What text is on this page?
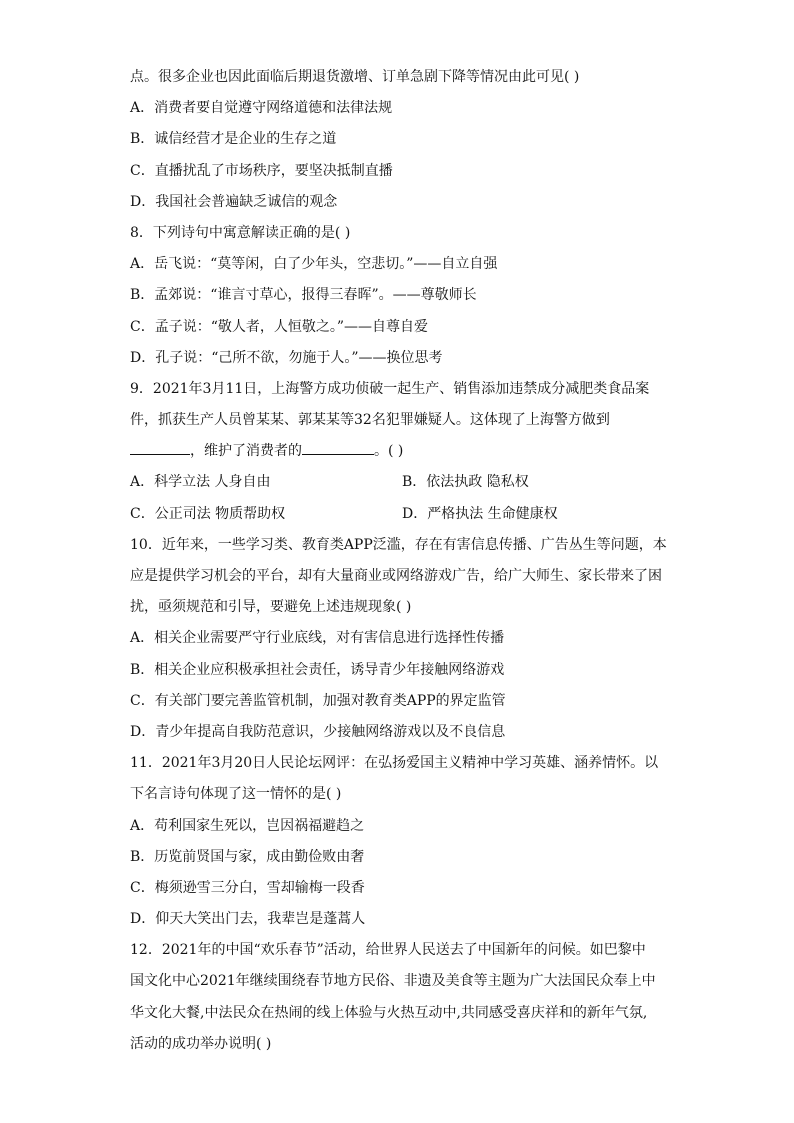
点。很多企业也因此面临后期退货激增、订单急剧下降等情况由此可见( )
A．消费者要自觉遵守网络道德和法律法规
B．诚信经营才是企业的生存之道
C．直播扰乱了市场秩序，要坚决抵制直播
D．我国社会普遍缺乏诚信的观念
8．下列诗句中寓意解读正确的是( )
A．岳飞说：“莫等闲，白了少年头，空悲切。”——自立自强
B．孟郊说：“谁言寸草心，报得三春晖”。——尊敬师长
C．孟子说：“敬人者，人恒敬之。”——自尊自爱
D．孔子说：“己所不欲，勿施于人。”——换位思考
9．2021年3月11日，上海警方成功侦破一起生产、销售添加违禁成分减肥类食品案
件，抓获生产人员曾某某、郭某某等32名犯罪嫌疑人。这体现了上海警方做到
，维护了消费者的	。( )
A．科学立法 人身自由	B．依法执政 隐私权
C．公正司法 物质帮助权	D．严格执法 生命健康权
10．近年来，一些学习类、教育类APP泛滥，存在有害信息传播、广告丛生等问题，本
应是提供学习机会的平台，却有大量商业或网络游戏广告，给广大师生、家长带来了困
扰，亟须规范和引导，要避免上述违规现象( )
A．相关企业需要严守行业底线，对有害信息进行选择性传播
B．相关企业应积极承担社会责任，诱导青少年接触网络游戏
C．有关部门要完善监管机制，加强对教育类APP的界定监管
D．青少年提高自我防范意识，少接触网络游戏以及不良信息
11．2021年3月20日人民论坛网评：在弘扬爱国主义精神中学习英雄、涵养情怀。以
下名言诗句体现了这一情怀的是( )
A．苟利国家生死以，岂因祸福避趋之
B．历览前贤国与家，成由勤俭败由奢
C．梅须逊雪三分白，雪却输梅一段香
D．仰天大笑出门去，我辈岂是蓬蒿人
12．2021年的中国“欢乐春节”活动，给世界人民送去了中国新年的问候。如巴黎中
国文化中心2021年继续围绕春节地方民俗、非遗及美食等主题为广大法国民众奉上中
华文化大餐,中法民众在热闹的线上体验与火热互动中,共同感受喜庆祥和的新年气氛,
活动的成功举办说明( )
